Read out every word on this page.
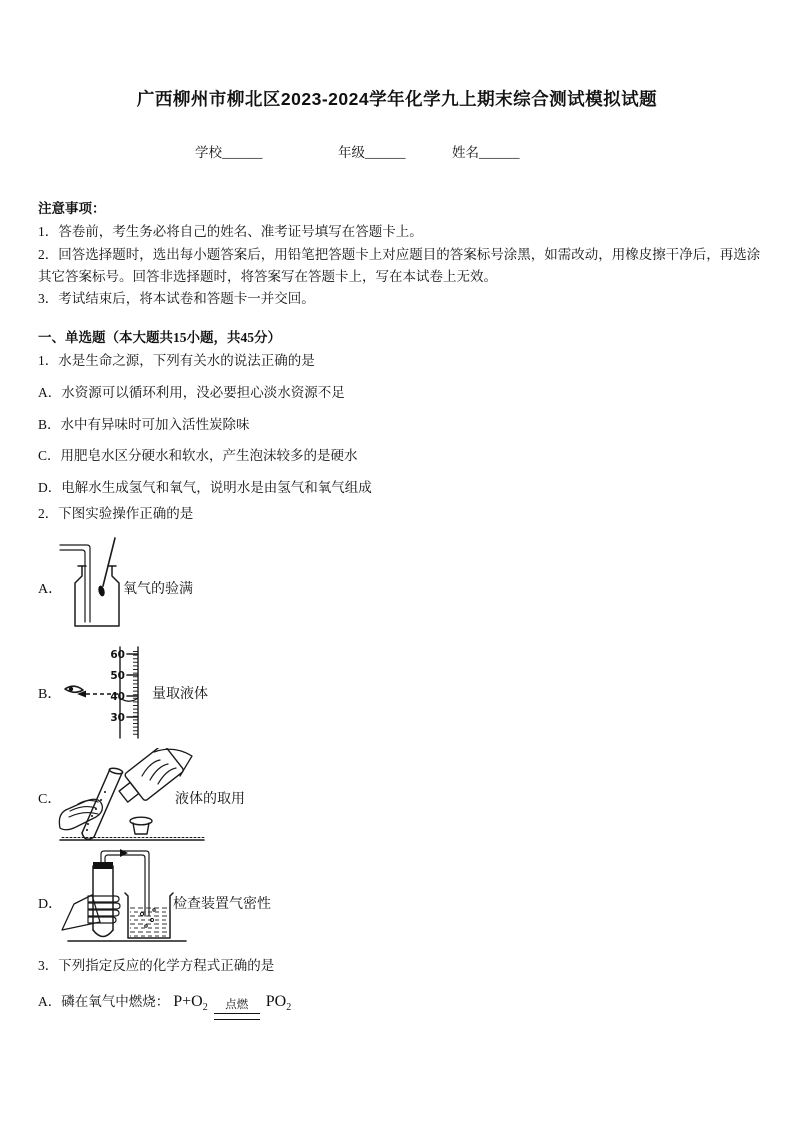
广西柳州市柳北区2023-2024学年化学九上期末综合测试模拟试题
学校______	年级______	姓名______
注意事项：
1．答卷前，考生务必将自己的姓名、准考证号填写在答题卡上。
2．回答选择题时，选出每小题答案后，用铅笔把答题卡上对应题目的答案标号涂黑，如需改动，用橡皮擦干净后，再选涂其它答案标号。回答非选择题时，将答案写在答题卡上，写在本试卷上无效。
3．考试结束后，将本试卷和答题卡一并交回。
一、单选题（本大题共15小题，共45分）
1．水是生命之源，下列有关水的说法正确的是
A．水资源可以循环利用，没必要担心淡水资源不足
B．水中有异味时可加入活性炭除味
C．用肥皂水区分硬水和软水，产生泡沫较多的是硬水
D．电解水生成氢气和氧气，说明水是由氢气和氧气组成
2．下图实验操作正确的是
A．	氧气的验满
B．
60
50
40
30
量取液体
C．	液体的取用
D．	检查装置气密性
3．下列指定反应的化学方程式正确的是
A．磷在氧气中燃烧： $P+O_2$	点燃	$PO_2$
